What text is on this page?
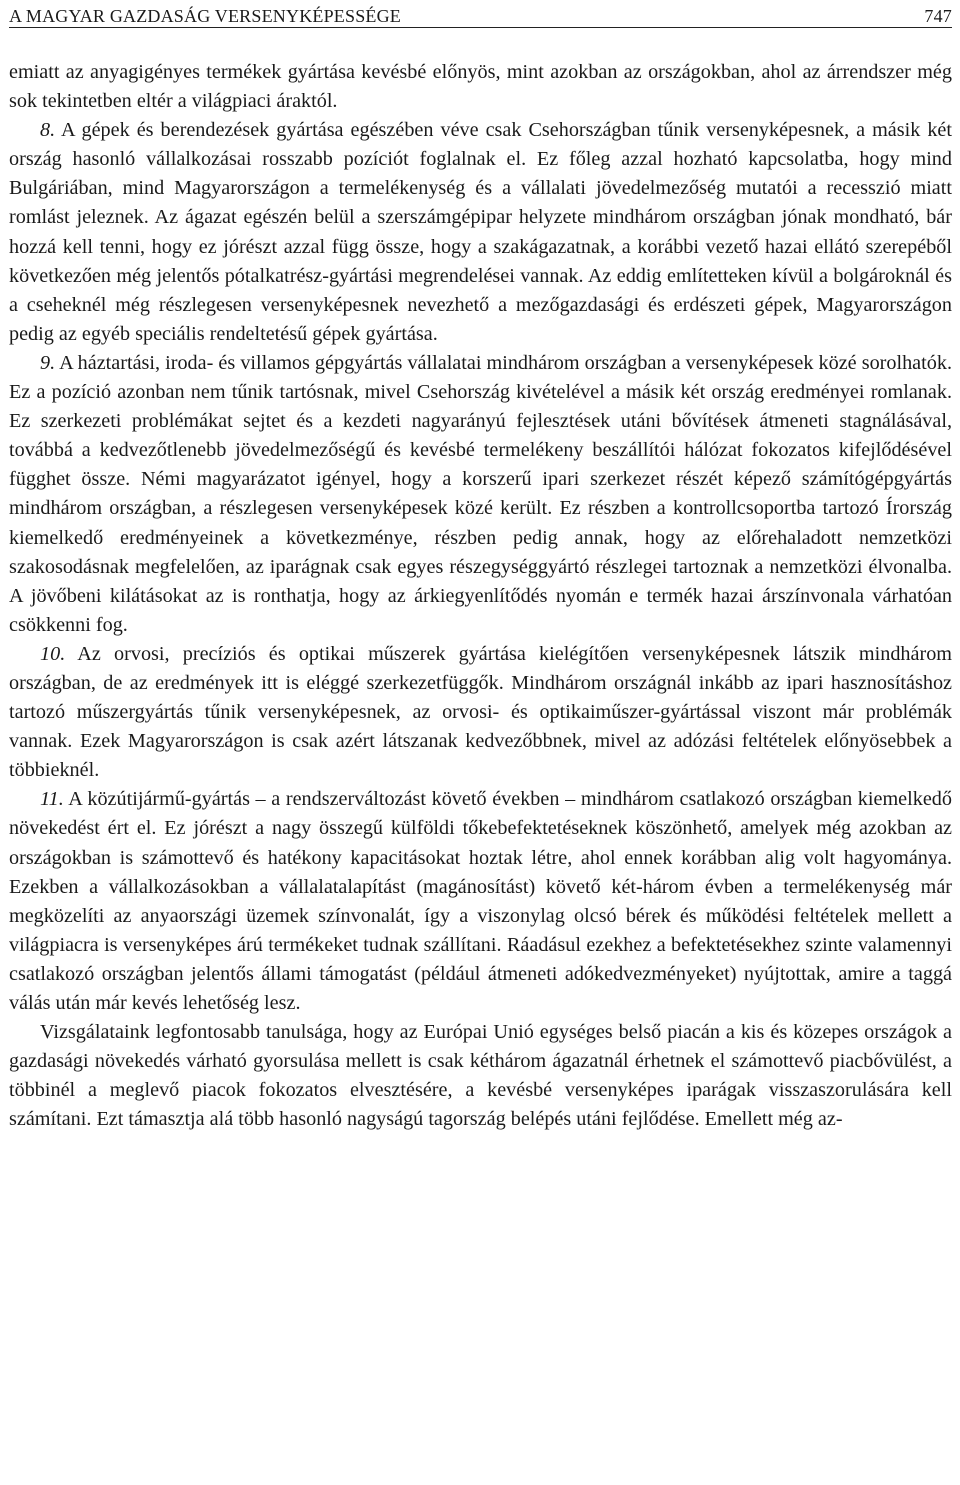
A MAGYAR GAZDASÁG VERSENYKÉPESSÉGE	747

emiatt az anyagigényes termékek gyártása kevésbé előnyös, mint azokban az országokban, ahol az árrendszer még sok tekintetben eltér a világpiaci áraktól.

8. A gépek és berendezések gyártása egészében véve csak Csehországban tűnik versenyképesnek, a másik két ország hasonló vállalkozásai rosszabb pozíciót foglalnak el. Ez főleg azzal hozható kapcsolatba, hogy mind Bulgáriában, mind Magyarországon a termelékenység és a vállalati jövedelmezőség mutatói a recesszió miatt romlást jeleznek. Az ágazat egészén belül a szerszámgépipar helyzete mindhárom országban jónak mondható, bár hozzá kell tenni, hogy ez jórészt azzal függ össze, hogy a szakágazatnak, a korábbi vezető hazai ellátó szerepéből következően még jelentős pótalkatrész-gyártási megrendelései vannak. Az eddig említetteken kívül a bolgároknál és a cseheknél még részlegesen versenyképesnek nevezhető a mezőgazdasági és erdészeti gépek, Magyarországon pedig az egyéb speciális rendeltetésű gépek gyártása.

9. A háztartási, iroda- és villamos gépgyártás vállalatai mindhárom országban a versenyképesek közé sorolhatók. Ez a pozíció azonban nem tűnik tartósnak, mivel Csehország kivételével a másik két ország eredményei romlanak. Ez szerkezeti problémákat sejtet és a kezdeti nagyarányú fejlesztések utáni bővítések átmeneti stagnálásával, továbbá a kedvezőtlenebb jövedelmezőségű és kevésbé termelékeny beszállítói hálózat fokozatos kifejlődésével függhet össze. Némi magyarázatot igényel, hogy a korszerű ipari szerkezet részét képező számítógépgyártás mindhárom országban, a részlegesen versenyképesek közé került. Ez részben a kontrollcsoportba tartozó Írország kiemelkedő eredményeinek a következménye, részben pedig annak, hogy az előrehaladott nemzetközi szakosodásnak megfelelően, az iparágnak csak egyes részegységgyártó részlegei tartoznak a nemzetközi élvonalba. A jövőbeni kilátásokat az is ronthatja, hogy az árkiegyenlítődés nyomán e termék hazai árszínvonala várhatóan csökkenni fog.

10. Az orvosi, precíziós és optikai műszerek gyártása kielégítően versenyképesnek látszik mindhárom országban, de az eredmények itt is eléggé szerkezetfüggők. Mindhárom országnál inkább az ipari hasznosításhoz tartozó műszergyártás tűnik versenyképesnek, az orvosi- és optikaiműszer-gyártással viszont már problémák vannak. Ezek Magyarországon is csak azért látszanak kedvezőbbnek, mivel az adózási feltételek előnyösebbek a többieknél.

11. A közútijármű-gyártás – a rendszerváltozást követő években – mindhárom csatlakozó országban kiemelkedő növekedést ért el. Ez jórészt a nagy összegű külföldi tőkebefektetéseknek köszönhető, amelyek még azokban az országokban is számottevő és hatékony kapacitásokat hoztak létre, ahol ennek korábban alig volt hagyománya. Ezekben a vállalkozásokban a vállalatalapítást (magánosítást) követő két-három évben a termelékenység már megközelíti az anyaországi üzemek színvonalát, így a viszonylag olcsó bérek és működési feltételek mellett a világpiacra is versenyképes árú termékeket tudnak szállítani. Ráadásul ezekhez a befektetésekhez szinte valamennyi csatlakozó országban jelentős állami támogatást (például átmeneti adókedvezményeket) nyújtottak, amire a taggá válás után már kevés lehetőség lesz.

Vizsgálataink legfontosabb tanulsága, hogy az Európai Unió egységes belső piacán a kis és közepes országok a gazdasági növekedés várható gyorsulása mellett is csak kéthárom ágazatnál érhetnek el számottevő piacbővülést, a többinél a meglevő piacok fokozatos elvesztésére, a kevésbé versenyképes iparágak visszaszorulására kell számítani. Ezt támasztja alá több hasonló nagyságú tagország belépés utáni fejlődése. Emellett még az-
